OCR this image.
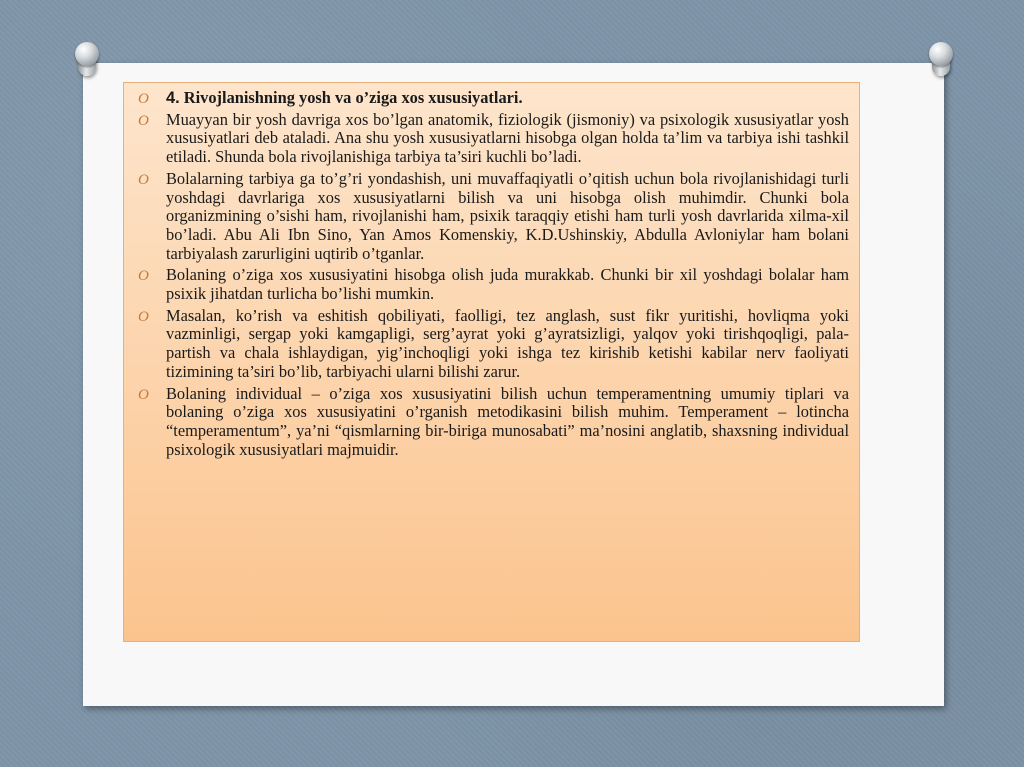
O 4. Rivojlanishning yosh va o’ziga xos xususiyatlari.
O Muayyan bir yosh davriga xos bo’lgan anatomik, fiziologik (jismoniy) va psixologik xususiyatlar yosh xususiyatlari deb ataladi. Ana shu yosh xususiyatlarni hisobga olgan holda ta’lim va tarbiya ishi tashkil etiladi. Shunda bola rivojlanishiga tarbiya ta’siri kuchli bo’ladi.
O Bolalarning tarbiya ga to’g’ri yondashish, uni muvaffaqiyatli o’qitish uchun bola rivojlanishidagi turli yoshdagi davrlariga xos xususiyatlarni bilish va uni hisobga olish muhimdir. Chunki bola organizmining o’sishi ham, rivojlanishi ham, psixik taraqqiy etishi ham turli yosh davrlarida xilma-xil bo’ladi. Abu Ali Ibn Sino, Yan Amos Komenskiy, K.D.Ushinskiy, Abdulla Avloniylar ham bolani tarbiyalash zarurligini uqtirib o’tganlar.
O Bolaning o’ziga xos xususiyatini hisobga olish juda murakkab. Chunki bir xil yoshdagi bolalar ham psixik jihatdan turlicha bo’lishi mumkin.
O Masalan, ko’rish va eshitish qobiliyati, faolligi, tez anglash, sust fikr yuritishi, hovliqma yoki vazminligi, sergap yoki kamgapligi, serg’ayrat yoki g’ayratsizligi, yalqov yoki tirishqoqligi, pala-partish va chala ishlaydigan, yig’inchoqligi yoki ishga tez kirishib ketishi kabilar nerv faoliyati tizimining ta’siri bo’lib, tarbiyachi ularni bilishi zarur.
O Bolaning individual – o’ziga xos xususiyatini bilish uchun temperamentning umumiy tiplari va bolaning o’ziga xos xususiyatini o’rganish metodikasini bilish muhim. Temperament – lotincha “temperamentum”, ya’ni “qismlarning bir-biriga munosabati” ma’nosini anglatib, shaxsning individual psixologik xususiyatlari majmuidir.
